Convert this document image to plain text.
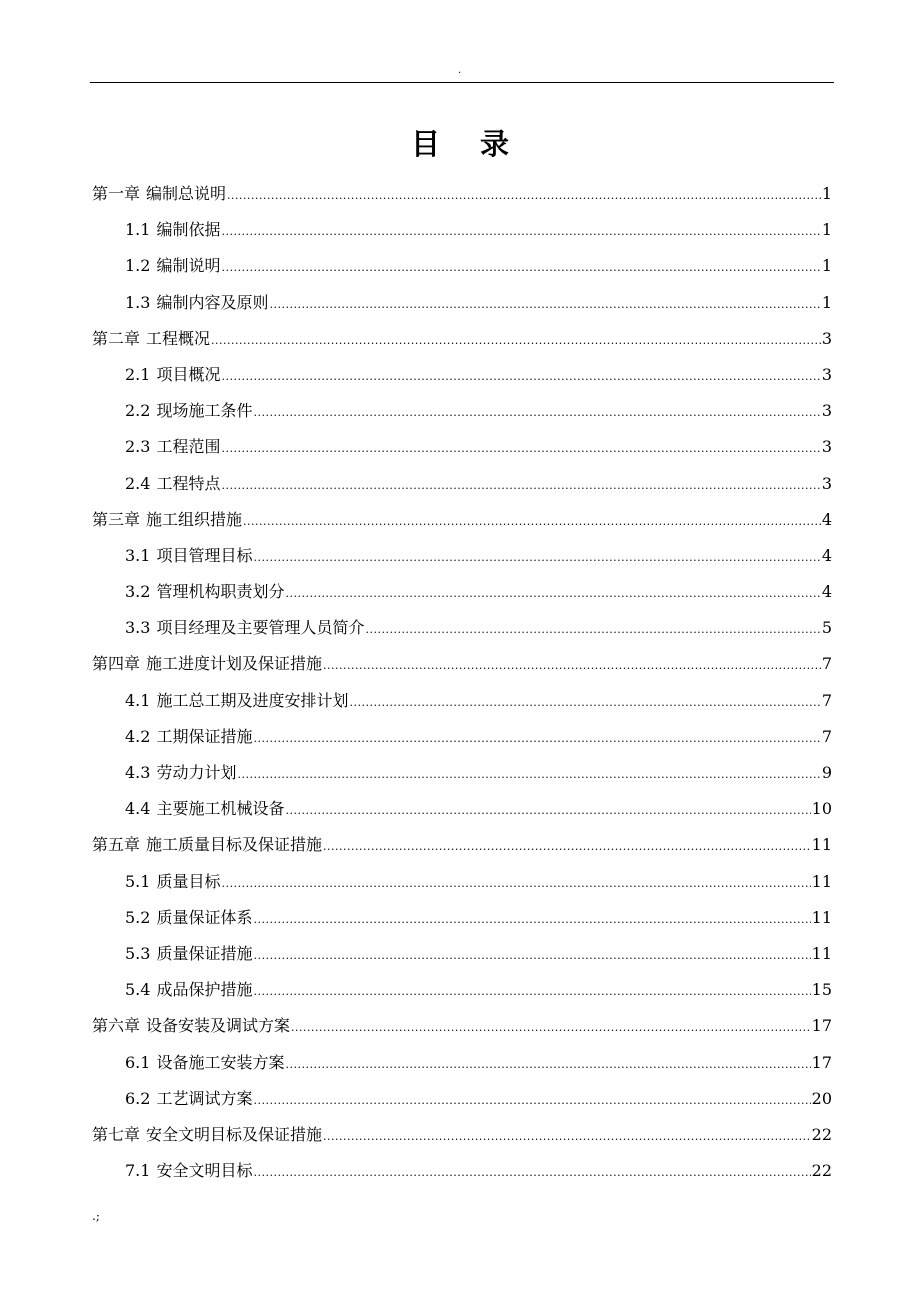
.
目录
第一章 编制总说明 .....	1
1.1 编制依据 .....	1
1.2 编制说明 .....	1
1.3 编制内容及原则 .....	1
第二章 工程概况 .....	3
2.1 项目概况 .....	3
2.2 现场施工条件 .....	3
2.3 工程范围 .....	3
2.4 工程特点 .....	3
第三章 施工组织措施 .....	4
3.1 项目管理目标 .....	4
3.2 管理机构职责划分 .....	4
3.3 项目经理及主要管理人员简介 .....	5
第四章 施工进度计划及保证措施 .....	7
4.1 施工总工期及进度安排计划 .....	7
4.2 工期保证措施 .....	7
4.3 劳动力计划 .....	9
4.4 主要施工机械设备 .....	10
第五章 施工质量目标及保证措施 .....	11
5.1 质量目标 .....	11
5.2 质量保证体系 .....	11
5.3 质量保证措施 .....	11
5.4 成品保护措施 .....	15
第六章 设备安装及调试方案 .....	17
6.1 设备施工安装方案 .....	17
6.2 工艺调试方案 .....	20
第七章 安全文明目标及保证措施 .....	22
7.1 安全文明目标 .....	22
.;
